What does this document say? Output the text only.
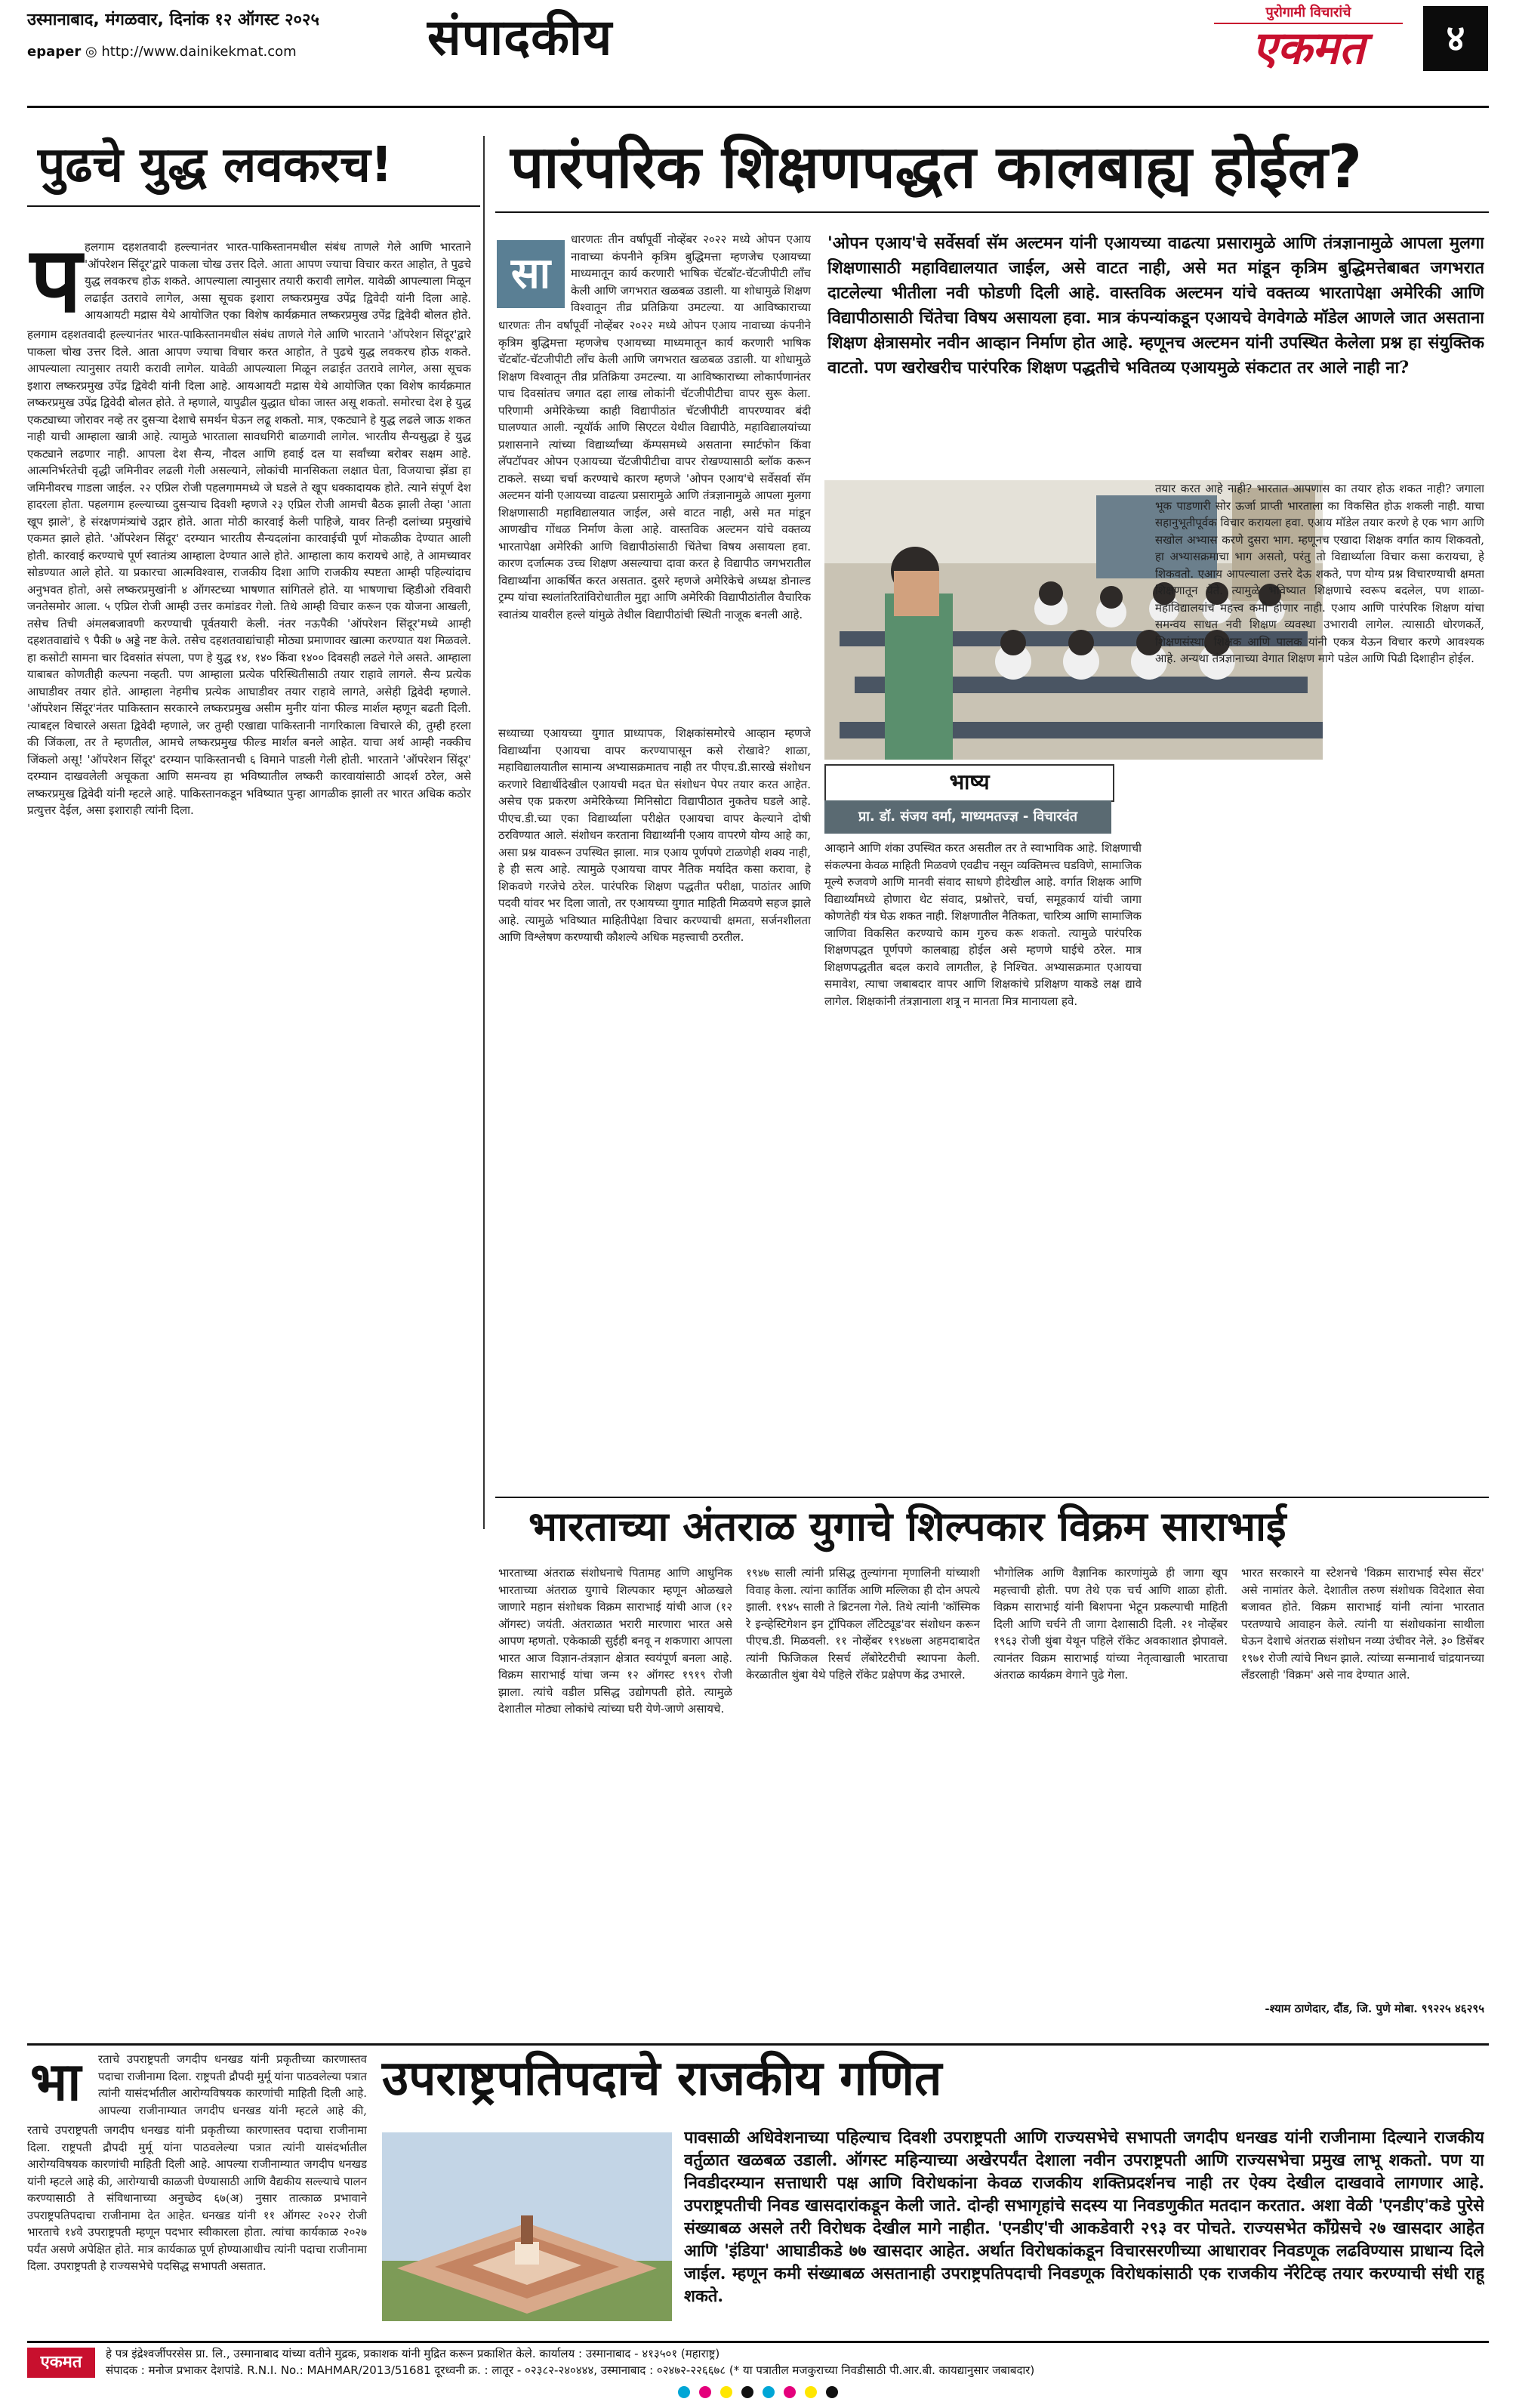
उस्मानाबाद, मंगळवार, दिनांक १२ ऑगस्ट २०२५
epaper ◎ http://www.dainikekmat.com	संपादकीय	पुरोगामी विचारांचे
एकमत	४
पुढचे युद्ध लवकरच!
प हलगाम दहशतवादी हल्ल्यानंतर भारत-पाकिस्तानमधील संबंध ताणले गेले आणि भारताने 'ऑपरेशन सिंदूर'द्वारे पाकला चोख उत्तर दिले. आता आपण ज्याचा विचार करत आहोत, ते पुढचे युद्ध लवकरच होऊ शकते. आपल्याला त्यानुसार तयारी करावी लागेल. यावेळी आपल्याला मिळून लढाईत उतरावे लागेल, असा सूचक इशारा लष्करप्रमुख उपेंद्र द्विवेदी यांनी दिला आहे. आयआयटी मद्रास येथे आयोजित एका विशेष कार्यक्रमात लष्करप्रमुख उपेंद्र द्विवेदी बोलत होते.
हलगाम दहशतवादी हल्ल्यानंतर भारत-पाकिस्तानमधील संबंध ताणले गेले आणि भारताने 'ऑपरेशन सिंदूर'द्वारे पाकला चोख उत्तर दिले. आता आपण ज्याचा विचार करत आहोत, ते पुढचे युद्ध लवकरच होऊ शकते. आपल्याला त्यानुसार तयारी करावी लागेल. यावेळी आपल्याला मिळून लढाईत उतरावे लागेल, असा सूचक इशारा लष्करप्रमुख उपेंद्र द्विवेदी यांनी दिला आहे. आयआयटी मद्रास येथे आयोजित एका विशेष कार्यक्रमात लष्करप्रमुख उपेंद्र द्विवेदी बोलत होते. ते म्हणाले, यापुढील युद्धात धोका जास्त असू शकतो. समोरचा देश हे युद्ध एकट्याच्या जोरावर नव्हे तर दुसऱ्या देशाचे समर्थन घेऊन लढू शकतो. मात्र, एकट्याने हे युद्ध लढले जाऊ शकत नाही याची आम्हाला खात्री आहे. त्यामुळे भारताला सावधगिरी बाळगावी लागेल. भारतीय सैन्यसुद्धा हे युद्ध एकट्याने लढणार नाही. आपला देश सैन्य, नौदल आणि हवाई दल या सर्वांच्या बरोबर सक्षम आहे. आत्मनिर्भरतेची वृद्धी जमिनीवर लढली गेली असल्याने, लोकांची मानसिकता लक्षात घेता, विजयाचा झेंडा हा जमिनीवरच गाडला जाईल. २२ एप्रिल रोजी पहलगाममध्ये जे घडले ते खूप धक्कादायक होते. त्याने संपूर्ण देश हादरला होता. पहलगाम हल्ल्याच्या दुसऱ्याच दिवशी म्हणजे २३ एप्रिल रोजी आमची बैठक झाली तेव्हा 'आता खूप झाले', हे संरक्षणमंत्र्यांचे उद्गार होते. आता मोठी कारवाई केली पाहिजे, यावर तिन्ही दलांच्या प्रमुखांचे एकमत झाले होते. 'ऑपरेशन सिंदूर' दरम्यान भारतीय सैन्यदलांना कारवाईची पूर्ण मोकळीक देण्यात आली होती. कारवाई करण्याचे पूर्ण स्वातंत्र्य आम्हाला देण्यात आले होते. आम्हाला काय करायचे आहे, ते आमच्यावर सोडण्यात आले होते. या प्रकारचा आत्मविश्वास, राजकीय दिशा आणि राजकीय स्पष्टता आम्ही पहिल्यांदाच अनुभवत होतो, असे लष्करप्रमुखांनी ४ ऑगस्टच्या भाषणात सांगितले होते. या भाषणाचा व्हिडीओ रविवारी जनतेसमोर आला. ५ एप्रिल रोजी आम्ही उत्तर कमांडवर गेलो. तिथे आम्ही विचार करून एक योजना आखली, तसेच तिची अंमलबजावणी करण्याची पूर्वतयारी केली. नंतर नऊपैकी 'ऑपरेशन सिंदूर'मध्ये आम्ही दहशतवाद्यांचे ९ पैकी ७ अड्डे नष्ट केले. तसेच दहशतवाद्यांचाही मोठ्या प्रमाणावर खात्मा करण्यात यश मिळवले. हा कसोटी सामना चार दिवसांत संपला, पण हे युद्ध १४, १४० किंवा १४०० दिवसही लढले गेले असते. आम्हाला याबाबत कोणतीही कल्पना नव्हती. पण आम्हाला प्रत्येक परिस्थितीसाठी तयार राहावे लागले. सैन्य प्रत्येक आघाडीवर तयार होते. आम्हाला नेहमीच प्रत्येक आघाडीवर तयार राहावे लागते, असेही द्विवेदी म्हणाले. 'ऑपरेशन सिंदूर'नंतर पाकिस्तान सरकारने लष्करप्रमुख असीम मुनीर यांना फील्ड मार्शल म्हणून बढती दिली. त्याबद्दल विचारले असता द्विवेदी म्हणाले, जर तुम्ही एखाद्या पाकिस्तानी नागरिकाला विचारले की, तुम्ही हरला की जिंकला, तर ते म्हणतील, आमचे लष्करप्रमुख फील्ड मार्शल बनले आहेत. याचा अर्थ आम्ही नक्कीच जिंकलो असू! 'ऑपरेशन सिंदूर' दरम्यान पाकिस्तानची ६ विमाने पाडली गेली होती. भारताने 'ऑपरेशन सिंदूर' दरम्यान दाखवलेली अचूकता आणि समन्वय हा भविष्यातील लष्करी कारवायांसाठी आदर्श ठरेल, असे लष्करप्रमुख द्विवेदी यांनी म्हटले आहे. पाकिस्तानकडून भविष्यात पुन्हा आगळीक झाली तर भारत अधिक कठोर प्रत्युत्तर देईल, असा इशाराही त्यांनी दिला.
पारंपरिक शिक्षणपद्धत कालबाह्य होईल?
सा
धारणतः तीन वर्षांपूर्वी नोव्हेंबर २०२२ मध्ये ओपन एआय नावाच्या कंपनीने कृत्रिम बुद्धिमत्ता म्हणजेच एआयच्या माध्यमातून कार्य करणारी भाषिक चॅटबॉट-चॅटजीपीटी लाँच केली आणि जगभरात खळबळ उडाली. या शोधामुळे शिक्षण विश्वातून तीव्र प्रतिक्रिया उमटल्या. या आविष्काराच्या
धारणतः तीन वर्षांपूर्वी नोव्हेंबर २०२२ मध्ये ओपन एआय नावाच्या कंपनीने कृत्रिम बुद्धिमत्ता म्हणजेच एआयच्या माध्यमातून कार्य करणारी भाषिक चॅटबॉट-चॅटजीपीटी लाँच केली आणि जगभरात खळबळ उडाली. या शोधामुळे शिक्षण विश्वातून तीव्र प्रतिक्रिया उमटल्या. या आविष्काराच्या लोकार्पणानंतर पाच दिवसांतच जगात दहा लाख लोकांनी चॅटजीपीटीचा वापर सुरू केला. परिणामी अमेरिकेच्या काही विद्यापीठांत चॅटजीपीटी वापरण्यावर बंदी घालण्यात आली. न्यूयॉर्क आणि सिएटल येथील विद्यापीठे, महाविद्यालयांच्या प्रशासनाने त्यांच्या विद्यार्थ्यांच्या कॅम्पसमध्ये असताना स्मार्टफोन किंवा लॅपटॉपवर ओपन एआयच्या चॅटजीपीटीचा वापर रोखण्यासाठी ब्लॉक करून टाकले. सध्या चर्चा करण्याचे कारण म्हणजे 'ओपन एआय'चे सर्वेसर्वा सॅम अल्टमन यांनी एआयच्या वाढत्या प्रसारामुळे आणि तंत्रज्ञानामुळे आपला मुलगा शिक्षणासाठी महाविद्यालयात जाईल, असे वाटत नाही, असे मत मांडून आणखीच गोंधळ निर्माण केला आहे. वास्तविक अल्टमन यांचे वक्तव्य भारतापेक्षा अमेरिकी आणि विद्यापीठांसाठी चिंतेचा विषय असायला हवा. कारण दर्जात्मक उच्च शिक्षण असल्याचा दावा करत हे विद्यापीठ जगभरातील विद्यार्थ्यांना आकर्षित करत असतात. दुसरे म्हणजे अमेरिकेचे अध्यक्ष डोनाल्ड ट्रम्प यांचा स्थलांतरितांविरोधातील मुद्दा आणि अमेरिकी विद्यापीठांतील वैचारिक स्वातंत्र्य यावरील हल्ले यांमुळे तेथील विद्यापीठांची स्थिती नाजूक बनली आहे.
'ओपन एआय'चे सर्वेसर्वा सॅम अल्टमन यांनी एआयच्या वाढत्या प्रसारामुळे आणि तंत्रज्ञानामुळे आपला मुलगा शिक्षणासाठी महाविद्यालयात जाईल, असे वाटत नाही, असे मत मांडून कृत्रिम बुद्धिमत्तेबाबत जगभरात दाटलेल्या भीतीला नवी फोडणी दिली आहे. वास्तविक अल्टमन यांचे वक्तव्य भारतापेक्षा अमेरिकी आणि विद्यापीठासाठी चिंतेचा विषय असायला हवा. मात्र कंपन्यांकडून एआयचे वेगवेगळे मॉडेल आणले जात असताना शिक्षण क्षेत्रासमोर नवीन आव्हान निर्माण होत आहे. म्हणूनच अल्टमन यांनी उपस्थित केलेला प्रश्न हा संयुक्तिक वाटतो. पण खरोखरीच पारंपरिक शिक्षण पद्धतीचे भवितव्य एआयमुळे संकटात तर आले नाही ना?
भाष्य
प्रा. डॉ. संजय वर्मा, माध्यमतज्ज्ञ - विचारवंत
सध्याच्या एआयच्या युगात प्राध्यापक, शिक्षकांसमोरचे आव्हान म्हणजे विद्यार्थ्यांना एआयचा वापर करण्यापासून कसे रोखावे? शाळा, महाविद्यालयातील सामान्य अभ्यासक्रमातच नाही तर पीएच.डी.सारखे संशोधन करणारे विद्यार्थीदेखील एआयची मदत घेत संशोधन पेपर तयार करत आहेत. असेच एक प्रकरण अमेरिकेच्या मिनिसोटा विद्यापीठात नुकतेच घडले आहे. पीएच.डी.च्या एका विद्यार्थ्याला परीक्षेत एआयचा वापर केल्याने दोषी ठरविण्यात आले. संशोधन करताना विद्यार्थ्यांनी एआय वापरणे योग्य आहे का, असा प्रश्न यावरून उपस्थित झाला. मात्र एआय पूर्णपणे टाळणेही शक्य नाही, हे ही सत्य आहे. त्यामुळे एआयचा वापर नैतिक मर्यादेत कसा करावा, हे शिकवणे गरजेचे ठरेल. पारंपरिक शिक्षण पद्धतीत परीक्षा, पाठांतर आणि पदवी यांवर भर दिला जातो, तर एआयच्या युगात माहिती मिळवणे सहज झाले आहे. त्यामुळे भविष्यात माहितीपेक्षा विचार करण्याची क्षमता, सर्जनशीलता आणि विश्लेषण करण्याची कौशल्ये अधिक महत्त्वाची ठरतील.
आव्हाने आणि शंका उपस्थित करत असतील तर ते स्वाभाविक आहे. शिक्षणाची संकल्पना केवळ माहिती मिळवणे एवढीच नसून व्यक्तिमत्त्व घडविणे, सामाजिक मूल्ये रुजवणे आणि मानवी संवाद साधणे हीदेखील आहे. वर्गात शिक्षक आणि विद्यार्थ्यांमध्ये होणारा थेट संवाद, प्रश्नोत्तरे, चर्चा, समूहकार्य यांची जागा कोणतेही यंत्र घेऊ शकत नाही. शिक्षणातील नैतिकता, चारित्र्य आणि सामाजिक जाणिवा विकसित करण्याचे काम गुरुच करू शकतो. त्यामुळे पारंपरिक शिक्षणपद्धत पूर्णपणे कालबाह्य होईल असे म्हणणे घाईचे ठरेल. मात्र शिक्षणपद्धतीत बदल करावे लागतील, हे निश्चित. अभ्यासक्रमात एआयचा समावेश, त्याचा जबाबदार वापर आणि शिक्षकांचे प्रशिक्षण याकडे लक्ष द्यावे लागेल. शिक्षकांनी तंत्रज्ञानाला शत्रू न मानता मित्र मानायला हवे.
तयार करत आहे नाही? भारतात आपणास का तयार होऊ शकत नाही? जगाला भूक पाडणारी सोर ऊर्जा प्राप्ती भारताला का विकसित होऊ शकली नाही. याचा सहानुभूतीपूर्वक विचार करायला हवा. एआय मॉडेल तयार करणे हे एक भाग आणि सखोल अभ्यास करणे दुसरा भाग. म्हणूनच एखादा शिक्षक वर्गात काय शिकवतो, हा अभ्यासक्रमाचा भाग असतो, परंतु तो विद्यार्थ्याला विचार कसा करायचा, हे शिकवतो. एआय आपल्याला उत्तरे देऊ शकते, पण योग्य प्रश्न विचारण्याची क्षमता शिक्षणातून येते. त्यामुळे भविष्यात शिक्षणाचे स्वरूप बदलेल, पण शाळा-महाविद्यालयांचे महत्त्व कमी होणार नाही. एआय आणि पारंपरिक शिक्षण यांचा समन्वय साधत नवी शिक्षण व्यवस्था उभारावी लागेल. त्यासाठी धोरणकर्ते, शिक्षणसंस्था, शिक्षक आणि पालक यांनी एकत्र येऊन विचार करणे आवश्यक आहे. अन्यथा तंत्रज्ञानाच्या वेगात शिक्षण मागे पडेल आणि पिढी दिशाहीन होईल.
भारताच्या अंतराळ युगाचे शिल्पकार विक्रम साराभाई
भारताच्या अंतराळ संशोधनाचे पितामह आणि आधुनिक भारताच्या अंतराळ युगाचे शिल्पकार म्हणून ओळखले जाणारे महान संशोधक विक्रम साराभाई यांची आज (१२ ऑगस्ट) जयंती. अंतराळात भरारी मारणारा भारत असे आपण म्हणतो. एकेकाळी सुईही बनवू न शकणारा आपला भारत आज विज्ञान-तंत्रज्ञान क्षेत्रात स्वयंपूर्ण बनला आहे. विक्रम साराभाई यांचा जन्म १२ ऑगस्ट १९१९ रोजी झाला. त्यांचे वडील प्रसिद्ध उद्योगपती होते. त्यामुळे देशातील मोठ्या लोकांचे त्यांच्या घरी येणे-जाणे असायचे.
१९४७ साली त्यांनी प्रसिद्ध तुल्यांगना मृणालिनी यांच्याशी विवाह केला. त्यांना कार्तिक आणि मल्लिका ही दोन अपत्ये झाली. १९४५ साली ते ब्रिटनला गेले. तिथे त्यांनी 'कॉस्मिक रे इन्व्हेस्टिगेशन इन ट्रॉपिकल लॅटिट्यूड'वर संशोधन करून पीएच.डी. मिळवली. ११ नोव्हेंबर १९४७ला अहमदाबादेत त्यांनी फिजिकल रिसर्च लॅबोरेटरीची स्थापना केली. केरळातील थुंबा येथे पहिले रॉकेट प्रक्षेपण केंद्र उभारले.
भौगोलिक आणि वैज्ञानिक कारणांमुळे ही जागा खूप महत्त्वाची होती. पण तेथे एक चर्च आणि शाळा होती. विक्रम साराभाई यांनी बिशपना भेटून प्रकल्पाची माहिती दिली आणि चर्चने ती जागा देशासाठी दिली. २१ नोव्हेंबर १९६३ रोजी थुंबा येथून पहिले रॉकेट अवकाशात झेपावले. त्यानंतर विक्रम साराभाई यांच्या नेतृत्वाखाली भारताचा अंतराळ कार्यक्रम वेगाने पुढे गेला.
भारत सरकारने या स्टेशनचे 'विक्रम साराभाई स्पेस सेंटर' असे नामांतर केले. देशातील तरुण संशोधक विदेशात सेवा बजावत होते. विक्रम साराभाई यांनी त्यांना भारतात परतण्याचे आवाहन केले. त्यांनी या संशोधकांना साथीला घेऊन देशाचे अंतराळ संशोधन नव्या उंचीवर नेले. ३० डिसेंबर १९७१ रोजी त्यांचे निधन झाले. त्यांच्या सन्मानार्थ चांद्रयानच्या लँडरलाही 'विक्रम' असे नाव देण्यात आले.
-श्याम ठाणेदार, दौंड, जि. पुणे मोबा. ९९२२५ ४६२९५
भा रताचे उपराष्ट्रपती जगदीप धनखड यांनी प्रकृतीच्या कारणास्तव पदाचा राजीनामा दिला. राष्ट्रपती द्रौपदी मुर्मू यांना पाठवलेल्या पत्रात त्यांनी यासंदर्भातील आरोग्यविषयक कारणांची माहिती दिली आहे. आपल्या राजीनाम्यात जगदीप धनखड यांनी म्हटले आहे की,
रताचे उपराष्ट्रपती जगदीप धनखड यांनी प्रकृतीच्या कारणास्तव पदाचा राजीनामा दिला. राष्ट्रपती द्रौपदी मुर्मू यांना पाठवलेल्या पत्रात त्यांनी यासंदर्भातील आरोग्यविषयक कारणांची माहिती दिली आहे. आपल्या राजीनाम्यात जगदीप धनखड यांनी म्हटले आहे की, आरोग्याची काळजी घेण्यासाठी आणि वैद्यकीय सल्ल्याचे पालन करण्यासाठी ते संविधानाच्या अनुच्छेद ६७(अ) नुसार तात्काळ प्रभावाने उपराष्ट्रपतिपदाचा राजीनामा देत आहेत. धनखड यांनी ११ ऑगस्ट २०२२ रोजी भारताचे १४वे उपराष्ट्रपती म्हणून पदभार स्वीकारला होता. त्यांचा कार्यकाळ २०२७ पर्यंत असणे अपेक्षित होते. मात्र कार्यकाळ पूर्ण होण्याआधीच त्यांनी पदाचा राजीनामा दिला. उपराष्ट्रपती हे राज्यसभेचे पदसिद्ध सभापती असतात.
उपराष्ट्रपतिपदाचे राजकीय गणित
पावसाळी अधिवेशनाच्या पहिल्याच दिवशी उपराष्ट्रपती आणि राज्यसभेचे सभापती जगदीप धनखड यांनी राजीनामा दिल्याने राजकीय वर्तुळात खळबळ उडाली. ऑगस्ट महिन्याच्या अखेरपर्यंत देशाला नवीन उपराष्ट्रपती आणि राज्यसभेचा प्रमुख लाभू शकतो. पण या निवडीदरम्यान सत्ताधारी पक्ष आणि विरोधकांना केवळ राजकीय शक्तिप्रदर्शनच नाही तर ऐक्य देखील दाखवावे लागणार आहे. उपराष्ट्रपतीची निवड खासदारांकडून केली जाते. दोन्ही सभागृहांचे सदस्य या निवडणुकीत मतदान करतात. अशा वेळी 'एनडीए'कडे पुरेसे संख्याबळ असले तरी विरोधक देखील मागे नाहीत. 'एनडीए'ची आकडेवारी २९३ वर पोचते. राज्यसभेत काँग्रेसचे २७ खासदार आहेत आणि 'इंडिया' आघाडीकडे ७७ खासदार आहेत. अर्थात विरोधकांकडून विचारसरणीच्या आधारावर निवडणूक लढविण्यास प्राधान्य दिले जाईल. म्हणून कमी संख्याबळ असतानाही उपराष्ट्रपतिपदाची निवडणूक विरोधकांसाठी एक राजकीय नॅरेटिव्ह तयार करण्याची संधी राहू शकते.
एकमत	हे पत्र इंद्रेश्वर्जीपरसेस प्रा. लि., उस्मानाबाद यांच्या वतीने मुद्रक, प्रकाशक यांनी मुद्रित करून प्रकाशित केले. कार्यालय : उस्मानाबाद - ४१३५०१ (महाराष्ट्र)
संपादक : मनोज प्रभाकर देशपांडे. R.N.I. No.: MAHMAR/2013/51681 दूरध्वनी क्र. : लातूर - ०२३८२-२४०४४४, उस्मानाबाद : ०२४७२-२२६६७८ (* या पत्रातील मजकुराच्या निवडीसाठी पी.आर.बी. कायद्यानुसार जबाबदार)
